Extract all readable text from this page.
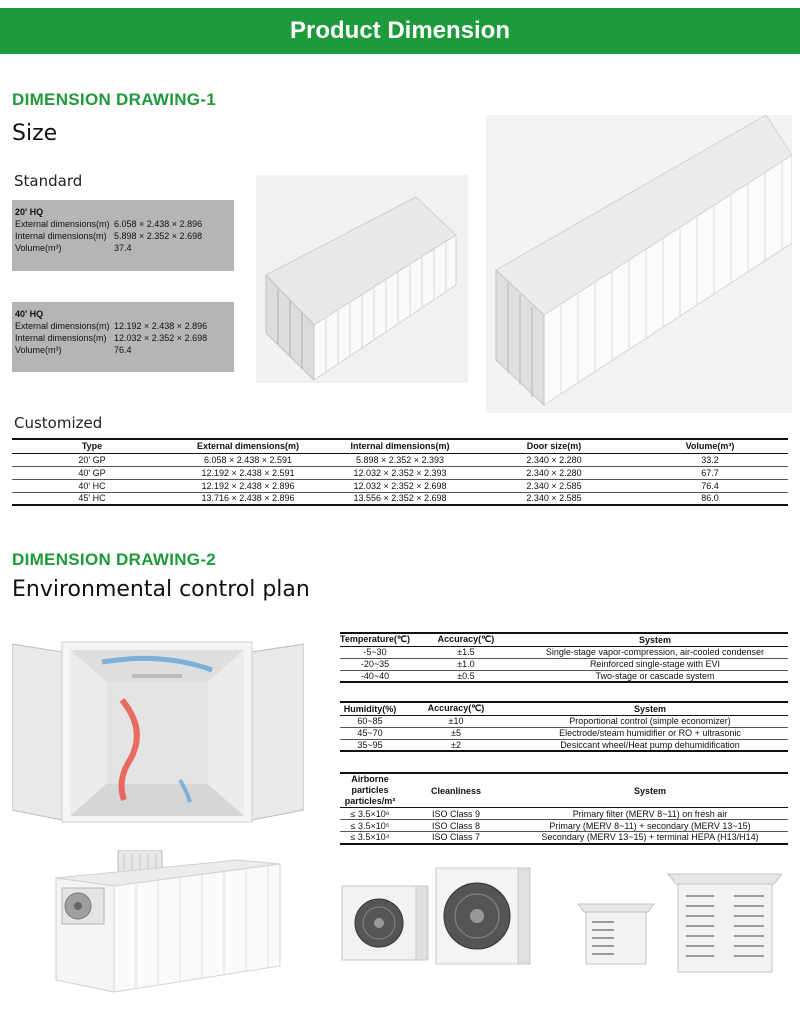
Product Dimension
DIMENSION DRAWING-1
Size
Standard
20' HQ
External dimensions(m) 6.058 × 2.438 × 2.896
Internal dimensions(m) 5.898 × 2.352 × 2.698
Volume(m³)	37.4
40' HQ
External dimensions(m) 12.192 × 2.438 × 2.896
Internal dimensions(m) 12.032 × 2.352 × 2.698
Volume(m³)	76.4
Customized
Type	External dimensions(m)	Internal dimensions(m)	Door size(m)	Volume(m³)
20' GP	6.058 × 2.438 × 2.591	5.898 × 2.352 × 2.393	2.340 × 2.280	33.2
40' GP	12.192 × 2.438 × 2.591	12.032 × 2.352 × 2.393	2.340 × 2.280	67.7
40' HC	12.192 × 2.438 × 2.896	12.032 × 2.352 × 2.698	2.340 × 2.585	76.4
45' HC	13.716 × 2.438 × 2.896	13.556 × 2.352 × 2.698	2.340 × 2.585	86.0
DIMENSION DRAWING-2
Environmental control plan
Temperature(℃)	Accuracy(℃)	System
-5~30	±1.5	Single-stage vapor-compression, air-cooled condenser
-20~35	±1.0	Reinforced single-stage with EVI
-40~40	±0.5	Two-stage or cascade system
Humidity(%)	Accuracy(℃)	System
60~85	±10	Proportional control (simple economizer)
45~70	±5	Electrode/steam humidifier or RO + ultrasonic
35~95	±2	Desiccant wheel/Heat pump dehumidification
Airborne particles particles/m³	Cleanliness	System
≤ 3.5×10⁶	ISO Class 9	Primary filter (MERV 8~11) on fresh air
≤ 3.5×10⁵	ISO Class 8	Primary (MERV 8~11) + secondary (MERV 13~15)
≤ 3.5×10⁴	ISO Class 7	Secondary (MERV 13~15) + terminal HEPA (H13/H14)
